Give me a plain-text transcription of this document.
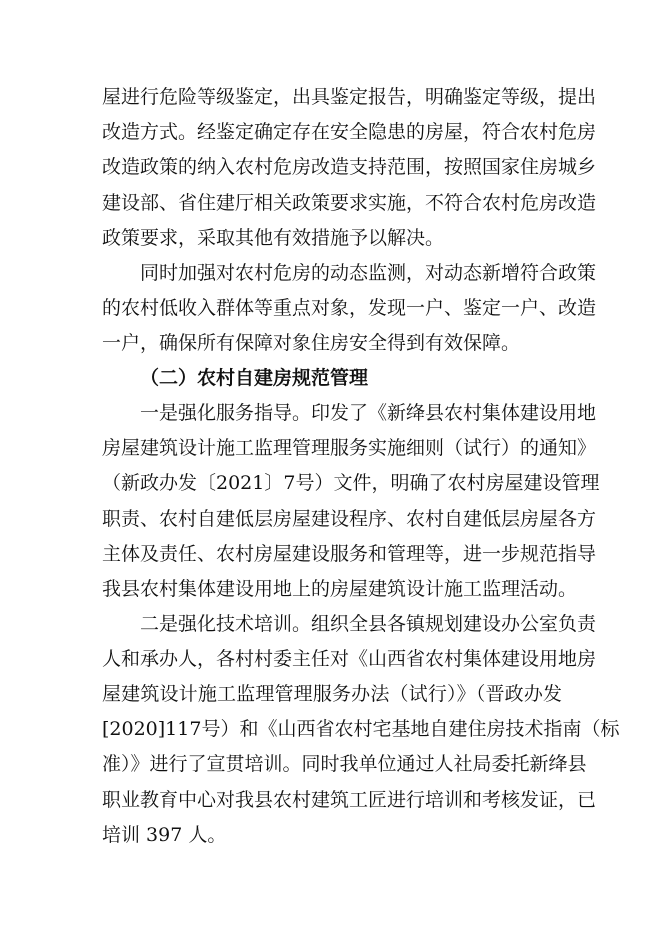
屋进行危险等级鉴定，出具鉴定报告，明确鉴定等级，提出
改造方式。经鉴定确定存在安全隐患的房屋，符合农村危房
改造政策的纳入农村危房改造支持范围，按照国家住房城乡
建设部、省住建厅相关政策要求实施，不符合农村危房改造
政策要求，采取其他有效措施予以解决。
同时加强对农村危房的动态监测，对动态新增符合政策
的农村低收入群体等重点对象，发现一户、鉴定一户、改造
一户，确保所有保障对象住房安全得到有效保障。
（二）农村自建房规范管理
一是强化服务指导。印发了《新绛县农村集体建设用地
房屋建筑设计施工监理管理服务实施细则（试行）的通知》
（新政办发〔2021〕7号）文件，明确了农村房屋建设管理
职责、农村自建低层房屋建设程序、农村自建低层房屋各方
主体及责任、农村房屋建设服务和管理等，进一步规范指导
我县农村集体建设用地上的房屋建筑设计施工监理活动。
二是强化技术培训。组织全县各镇规划建设办公室负责
人和承办人，各村村委主任对《山西省农村集体建设用地房
屋建筑设计施工监理管理服务办法（试行）》（晋政办发
[2020]117号）和《山西省农村宅基地自建住房技术指南（标
准）》进行了宣贯培训。同时我单位通过人社局委托新绛县
职业教育中心对我县农村建筑工匠进行培训和考核发证，已
培训 397 人。
